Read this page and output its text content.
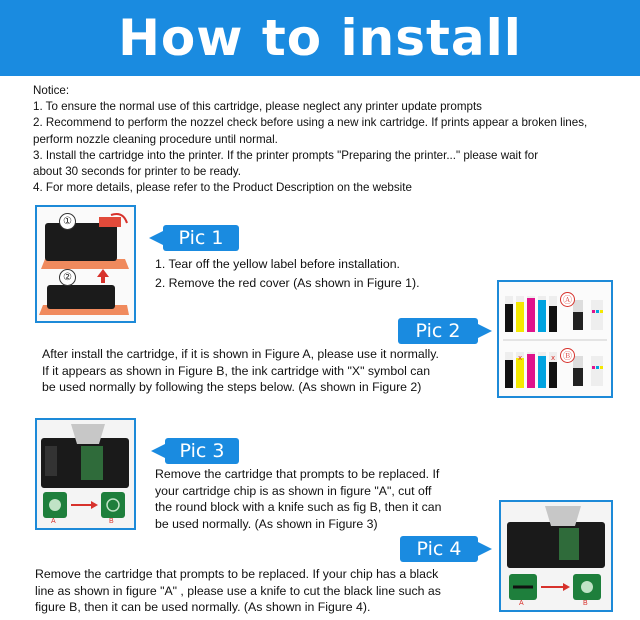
How to install
Notice:
1. To ensure the normal use of this cartridge, please neglect any printer update prompts
2. Recommend to perform the nozzel check before using a new ink cartridge. If prints appear a broken lines,
perform nozzle cleaning procedure until normal.
3. Install the cartridge into the printer. If the printer prompts "Preparing the printer..." please wait for
about 30 seconds for printer to be ready.
4. For more details, please refer to the Product Description on the website
①
②
Pic 1
1. Tear off the yellow label before installation.
2. Remove the red cover (As shown in Figure 1).
x	x
Ⓐ
Ⓑ
Pic 2
After install the cartridge, if it is shown in Figure A, please use it normally.
If it appears as shown in Figure B, the ink cartridge with "X" symbol can
be used normally by following the steps below. (As shown in Figure 2)
A	B
Pic 3
Remove the cartridge that prompts to be replaced. If
your cartridge chip is as shown in figure "A", cut off
the round block with a knife such as fig B, then it can
be used normally. (As shown in Figure 3)
A	B
Pic 4
Remove the cartridge that prompts to be replaced. If your chip has a black
line as shown in figure "A" , please use a knife to cut the black line such as
figure B, then it can be used normally. (As shown in Figure 4).
